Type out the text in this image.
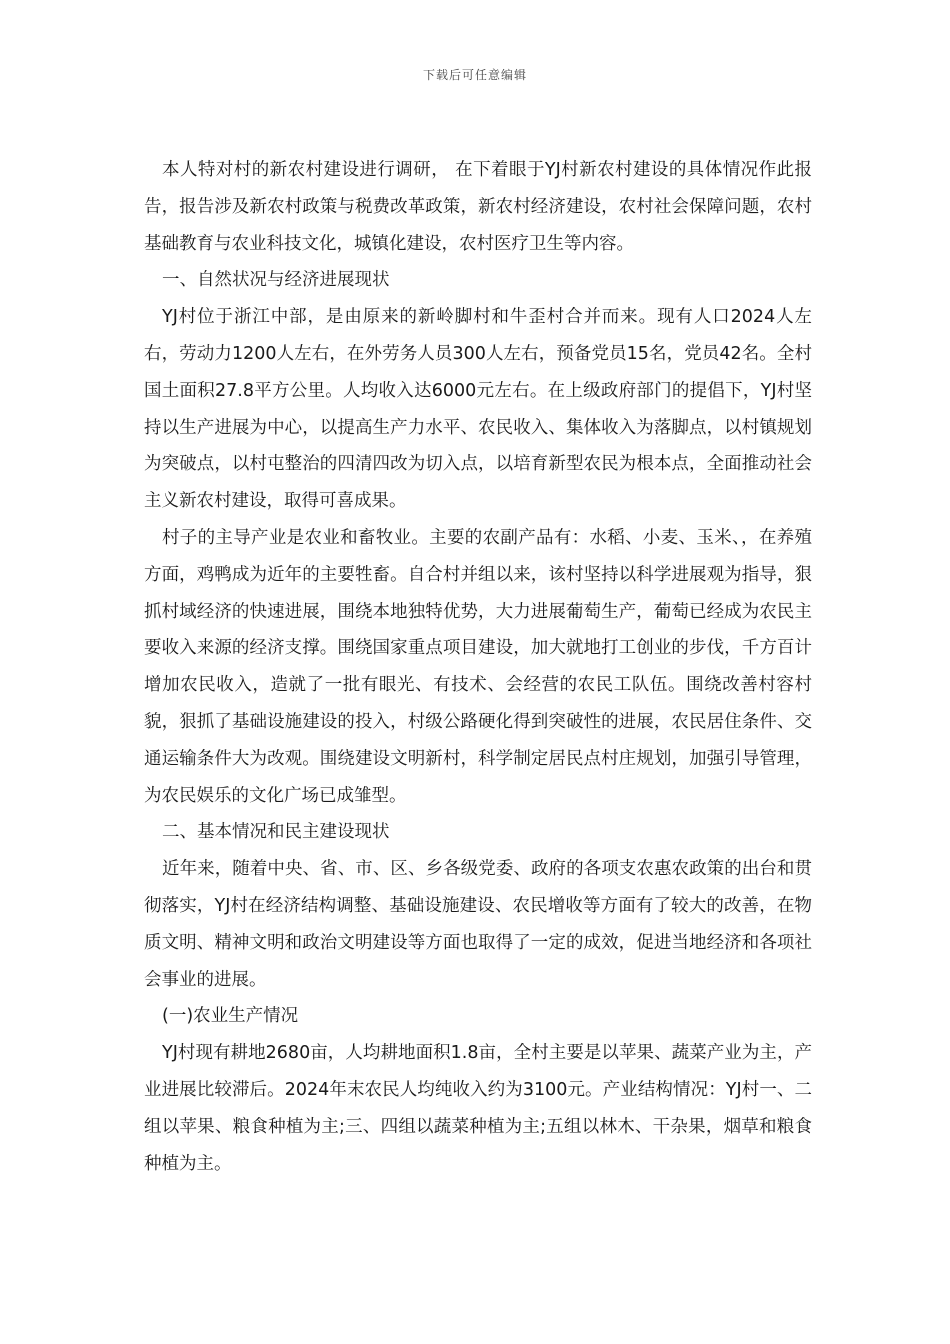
下载后可任意编辑

本人特对村的新农村建设进行调研， 在下着眼于YJ村新农村建设的具体情况作此报告，报告涉及新农村政策与税费改革政策，新农村经济建设，农村社会保障问题，农村基础教育与农业科技文化，城镇化建设，农村医疗卫生等内容。

一、自然状况与经济进展现状

YJ村位于浙江中部，是由原来的新岭脚村和牛歪村合并而来。现有人口2024人左右，劳动力1200人左右，在外劳务人员300人左右，预备党员15名，党员42名。全村国土面积27.8平方公里。人均收入达6000元左右。在上级政府部门的提倡下，YJ村坚持以生产进展为中心，以提高生产力水平、农民收入、集体收入为落脚点，以村镇规划为突破点，以村屯整治的四清四改为切入点，以培育新型农民为根本点，全面推动社会主义新农村建设，取得可喜成果。

村子的主导产业是农业和畜牧业。主要的农副产品有：水稻、小麦、玉米、，在养殖方面，鸡鸭成为近年的主要牲畜。自合村并组以来，该村坚持以科学进展观为指导，狠抓村域经济的快速进展，围绕本地独特优势，大力进展葡萄生产，葡萄已经成为农民主要收入来源的经济支撑。围绕国家重点项目建设，加大就地打工创业的步伐，千方百计增加农民收入，造就了一批有眼光、有技术、会经营的农民工队伍。围绕改善村容村貌，狠抓了基础设施建设的投入，村级公路硬化得到突破性的进展，农民居住条件、交通运输条件大为改观。围绕建设文明新村，科学制定居民点村庄规划，加强引导管理，为农民娱乐的文化广场已成雏型。

二、基本情况和民主建设现状

近年来，随着中央、省、市、区、乡各级党委、政府的各项支农惠农政策的出台和贯彻落实，YJ村在经济结构调整、基础设施建设、农民增收等方面有了较大的改善，在物质文明、精神文明和政治文明建设等方面也取得了一定的成效，促进当地经济和各项社会事业的进展。

(一)农业生产情况

YJ村现有耕地2680亩，人均耕地面积1.8亩，全村主要是以苹果、蔬菜产业为主，产业进展比较滞后。2024年末农民人均纯收入约为3100元。产业结构情况：YJ村一、二组以苹果、粮食种植为主;三、四组以蔬菜种植为主;五组以林木、干杂果，烟草和粮食种植为主。
